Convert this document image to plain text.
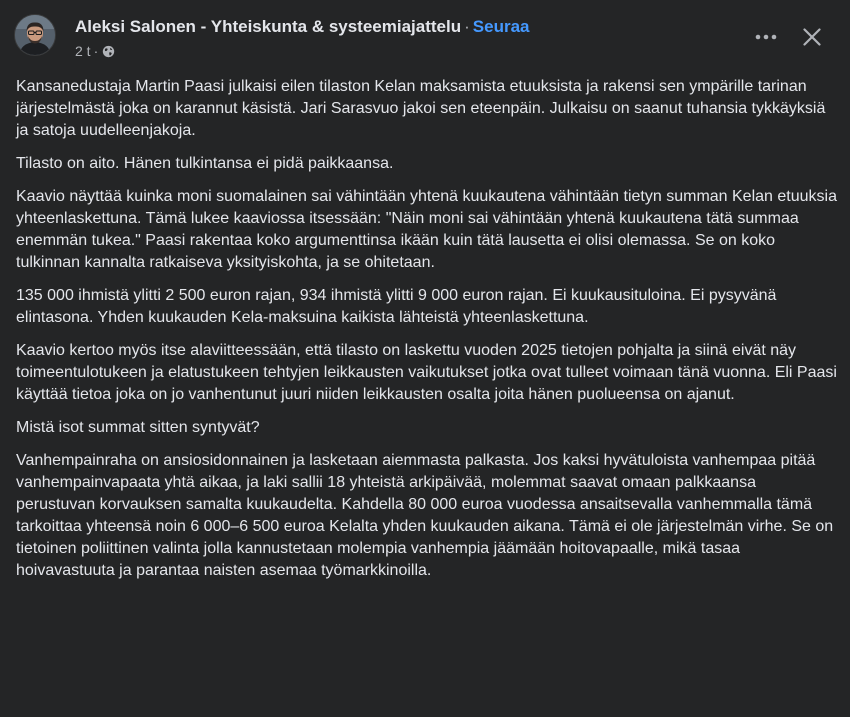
Aleksi Salonen - Yhteiskunta & systeemiajattelu · Seuraa
2 t ·

Kansanedustaja Martin Paasi julkaisi eilen tilaston Kelan maksamista etuuksista ja rakensi sen ympärille tarinan järjestelmästä joka on karannut käsistä. Jari Sarasvuo jakoi sen eteenpäin. Julkaisu on saanut tuhansia tykkäyksiä ja satoja uudelleenjakoja.

Tilasto on aito. Hänen tulkintansa ei pidä paikkaansa.

Kaavio näyttää kuinka moni suomalainen sai vähintään yhtenä kuukautena vähintään tietyn summan Kelan etuuksia yhteenlaskettuna. Tämä lukee kaaviossa itsessään: "Näin moni sai vähintään yhtenä kuukautena tätä summaa enemmän tukea." Paasi rakentaa koko argumenttinsa ikään kuin tätä lausetta ei olisi olemassa. Se on koko tulkinnan kannalta ratkaiseva yksityiskohta, ja se ohitetaan.

135 000 ihmistä ylitti 2 500 euron rajan, 934 ihmistä ylitti 9 000 euron rajan. Ei kuukausituloina. Ei pysyvänä elintasona. Yhden kuukauden Kela-maksuina kaikista lähteistä yhteenlaskettuna.

Kaavio kertoo myös itse alaviitteessään, että tilasto on laskettu vuoden 2025 tietojen pohjalta ja siinä eivät näy toimeentulotukeen ja elatustukeen tehtyjen leikkausten vaikutukset jotka ovat tulleet voimaan tänä vuonna. Eli Paasi käyttää tietoa joka on jo vanhentunut juuri niiden leikkausten osalta joita hänen puolueensa on ajanut.

Mistä isot summat sitten syntyvät?

Vanhempainraha on ansiosidonnainen ja lasketaan aiemmasta palkasta. Jos kaksi hyvätuloista vanhempaa pitää vanhempainvapaata yhtä aikaa, ja laki sallii 18 yhteistä arkipäivää, molemmat saavat omaan palkkaansa perustuvan korvauksen samalta kuukaudelta. Kahdella 80 000 euroa vuodessa ansaitsevalla vanhemmalla tämä tarkoittaa yhteensä noin 6 000–6 500 euroa Kelalta yhden kuukauden aikana. Tämä ei ole järjestelmän virhe. Se on tietoinen poliittinen valinta jolla kannustetaan molempia vanhempia jäämään hoitovapaalle, mikä tasaa hoivavastuuta ja parantaa naisten asemaa työmarkkinoilla.
